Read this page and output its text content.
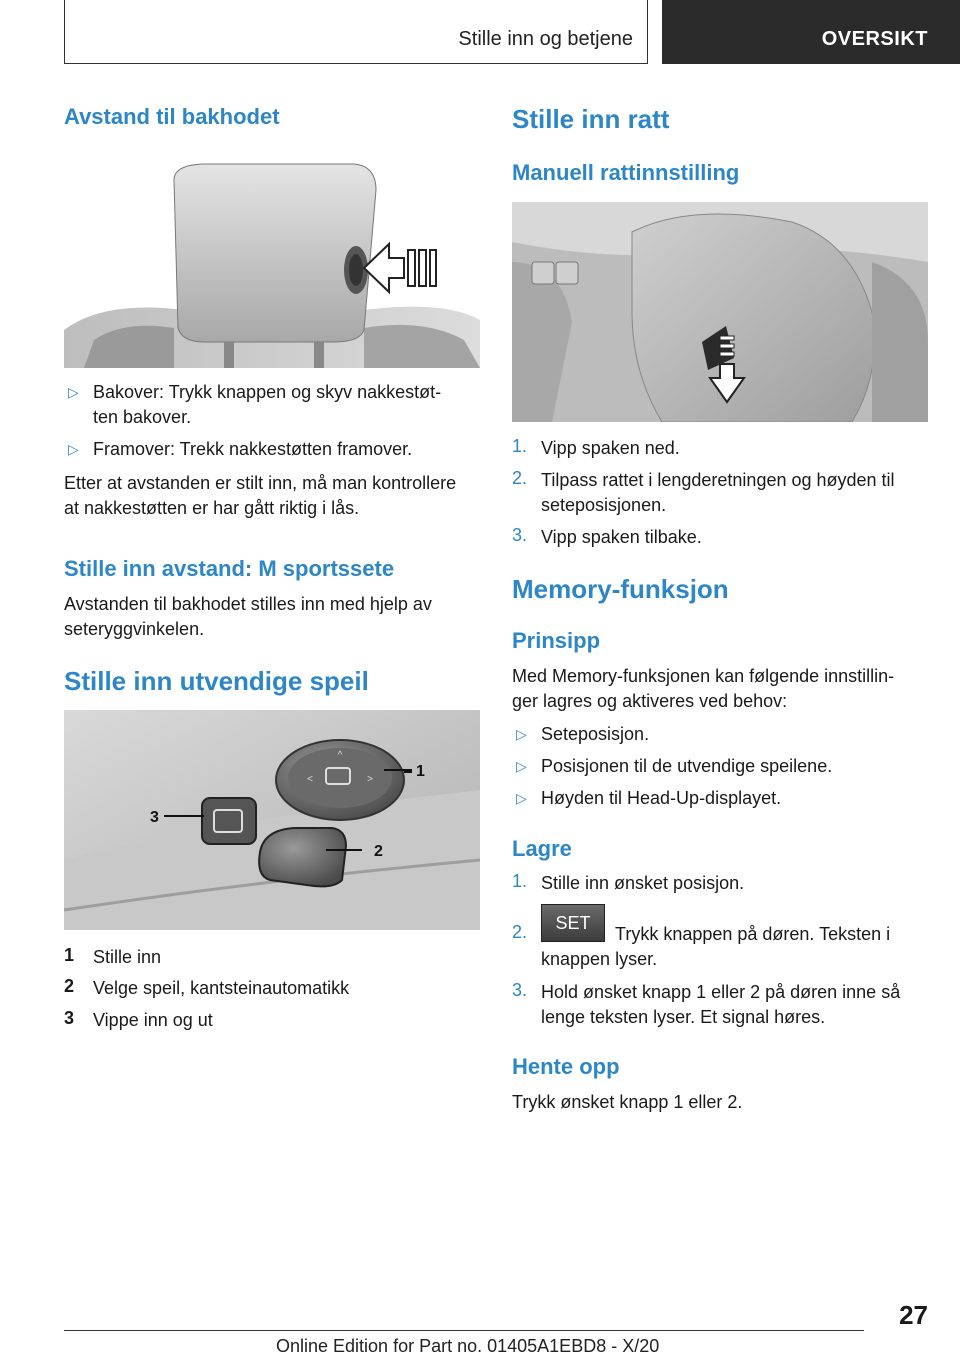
Stille inn og betjene	OVERSIKT
Avstand til bakhodet
▷ Bakover: Trykk knappen og skyv nakkestøt-
ten bakover.
▷ Framover: Trekk nakkestøtten framover.
Etter at avstanden er stilt inn, må man kontrollere
at nakkestøtten er har gått riktig i lås.
Stille inn avstand: M sportssete
Avstanden til bakhodet stilles inn med hjelp av
seteryggvinkelen.
Stille inn utvendige speil
^
<	>	1
2
3
1 Stille inn
2 Velge speil, kantsteinautomatikk
3 Vippe inn og ut
Stille inn ratt
Manuell rattinnstilling
1. Vipp spaken ned.
2. Tilpass rattet i lengderetningen og høyden til
seteposisjonen.
3. Vipp spaken tilbake.
Memory-funksjon
Prinsipp
Med Memory-funksjonen kan følgende innstillin-
ger lagres og aktiveres ved behov:
▷ Seteposisjon.
▷ Posisjonen til de utvendige speilene.
▷ Høyden til Head-Up-displayet.
Lagre
1. Stille inn ønsket posisjon.
2.	SET
Trykk knappen på døren. Teksten i
knappen lyser.
3. Hold ønsket knapp 1 eller 2 på døren inne så
lenge teksten lyser. Et signal høres.
Hente opp
Trykk ønsket knapp 1 eller 2.
27
Online Edition for Part no. 01405A1EBD8 - X/20
